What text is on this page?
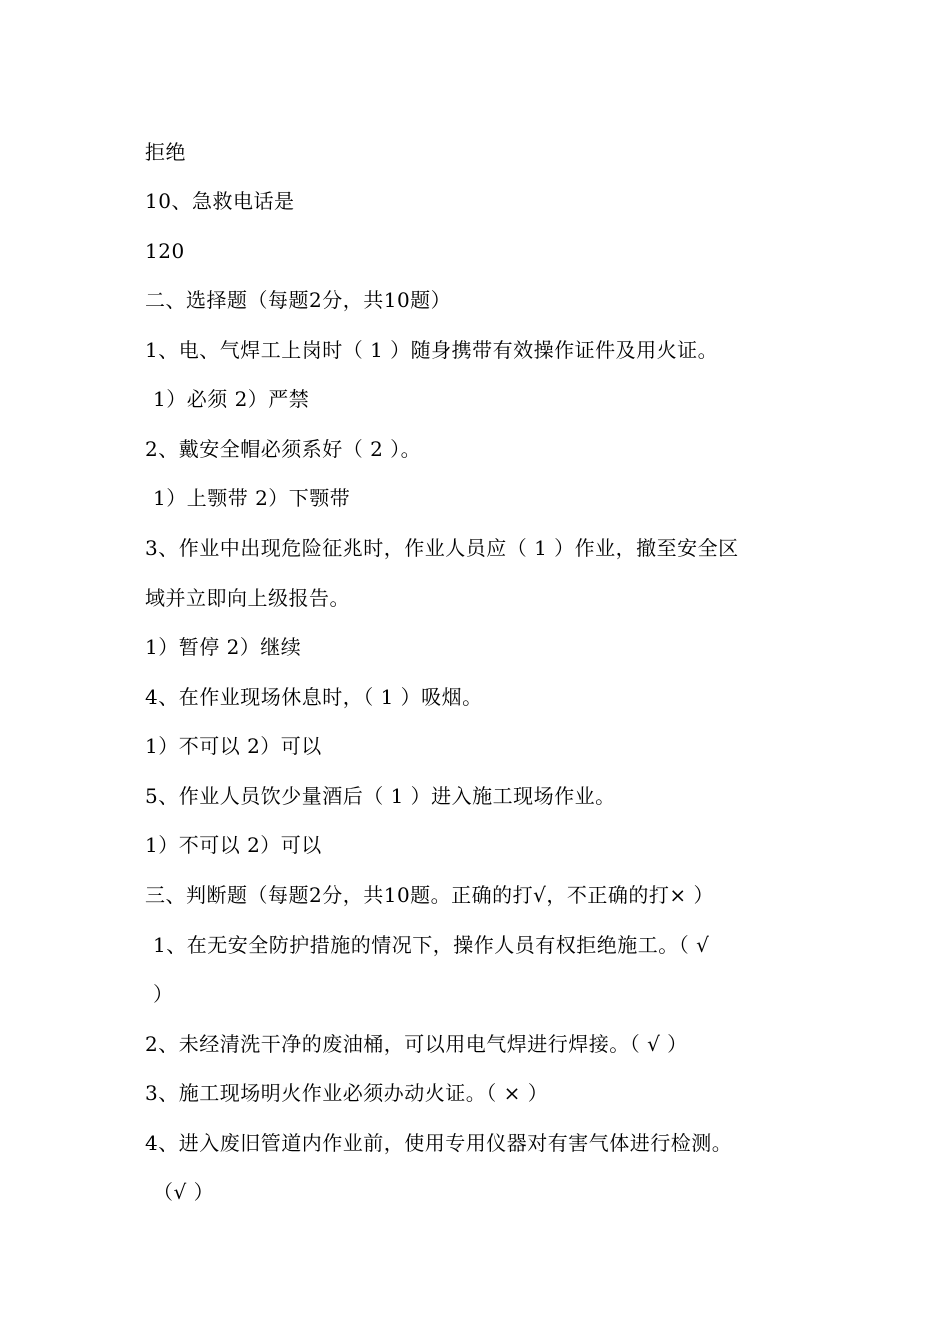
拒绝

10、急救电话是

120

二、选择题（每题2分，共10题）

1、电、气焊工上岗时（ 1 ）随身携带有效操作证件及用火证。

1）必须 2）严禁

2、戴安全帽必须系好（ 2 ）。

1）上颚带 2）下颚带

3、作业中出现危险征兆时，作业人员应（ 1 ）作业，撤至安全区

域并立即向上级报告。

1）暂停 2）继续

4、在作业现场休息时，（ 1 ）吸烟。

1）不可以 2）可以

5、作业人员饮少量酒后（ 1 ）进入施工现场作业。

1）不可以 2）可以

三、判断题（每题2分，共10题。正确的打√，不正确的打× ）

1、在无安全防护措施的情况下，操作人员有权拒绝施工。（ √

）

2、未经清洗干净的废油桶，可以用电气焊进行焊接。（ √ ）

3、施工现场明火作业必须办动火证。（ × ）

4、进入废旧管道内作业前，使用专用仪器对有害气体进行检测。

（√ ）
